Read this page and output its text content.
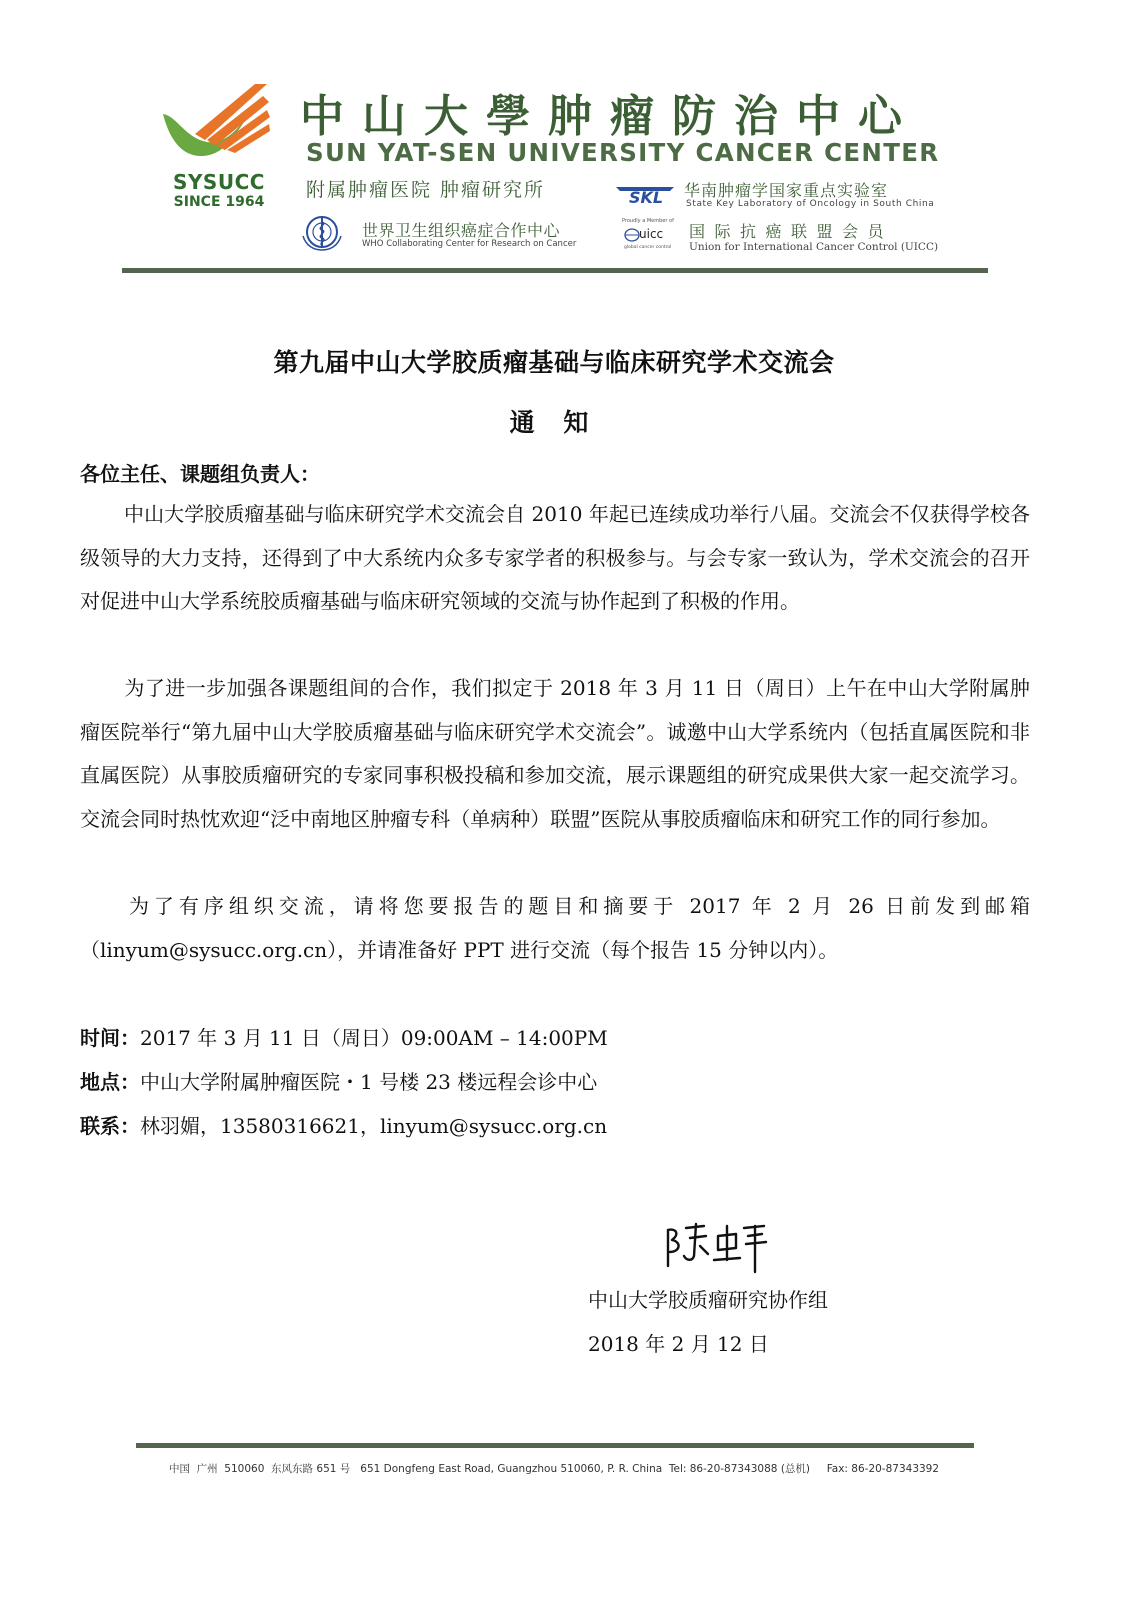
SYSUCC
SINCE 1964
中山大學肿瘤防治中心
SUN YAT-SEN UNIVERSITY CANCER CENTER
附属肿瘤医院 肿瘤研究所	SKL 华南肿瘤学国家重点实验室
State Key Laboratory of Oncology in South China
世界卫生组织癌症合作中心
WHO Collaborating Center for Research on Cancer
Proudly a Member of
uicc
global cancer control
国际抗癌联盟会员
Union for International Cancer Control (UICC)
第九届中山大学胶质瘤基础与临床研究学术交流会
通 知
各位主任、课题组负责人：
中山大学胶质瘤基础与临床研究学术交流会自 2010 年起已连续成功举行八届。交流会不仅获得学校各级领导的大力支持，还得到了中大系统内众多专家学者的积极参与。与会专家一致认为，学术交流会的召开对促进中山大学系统胶质瘤基础与临床研究领域的交流与协作起到了积极的作用。
为了进一步加强各课题组间的合作，我们拟定于 2018 年 3 月 11 日（周日）上午在中山大学附属肿瘤医院举行“第九届中山大学胶质瘤基础与临床研究学术交流会”。诚邀中山大学系统内（包括直属医院和非直属医院）从事胶质瘤研究的专家同事积极投稿和参加交流，展示课题组的研究成果供大家一起交流学习。交流会同时热忱欢迎“泛中南地区肿瘤专科（单病种）联盟”医院从事胶质瘤临床和研究工作的同行参加。
为了有序组织交流，请将您要报告的题目和摘要于 2017 年 2 月 26 日前发到邮箱（linyum@sysucc.org.cn），并请准备好 PPT 进行交流（每个报告 15 分钟以内）。
时间：2017 年 3 月 11 日（周日）09:00AM – 14:00PM
地点：中山大学附属肿瘤医院・1 号楼 23 楼远程会诊中心
联系：林羽媚，13580316621，linyum@sysucc.org.cn
中山大学胶质瘤研究协作组
2018 年 2 月 12 日
中国  广州  510060  东风东路 651 号   651 Dongfeng East Road, Guangzhou 510060, P. R. China  Tel: 86-20-87343088 (总机)     Fax: 86-20-87343392
